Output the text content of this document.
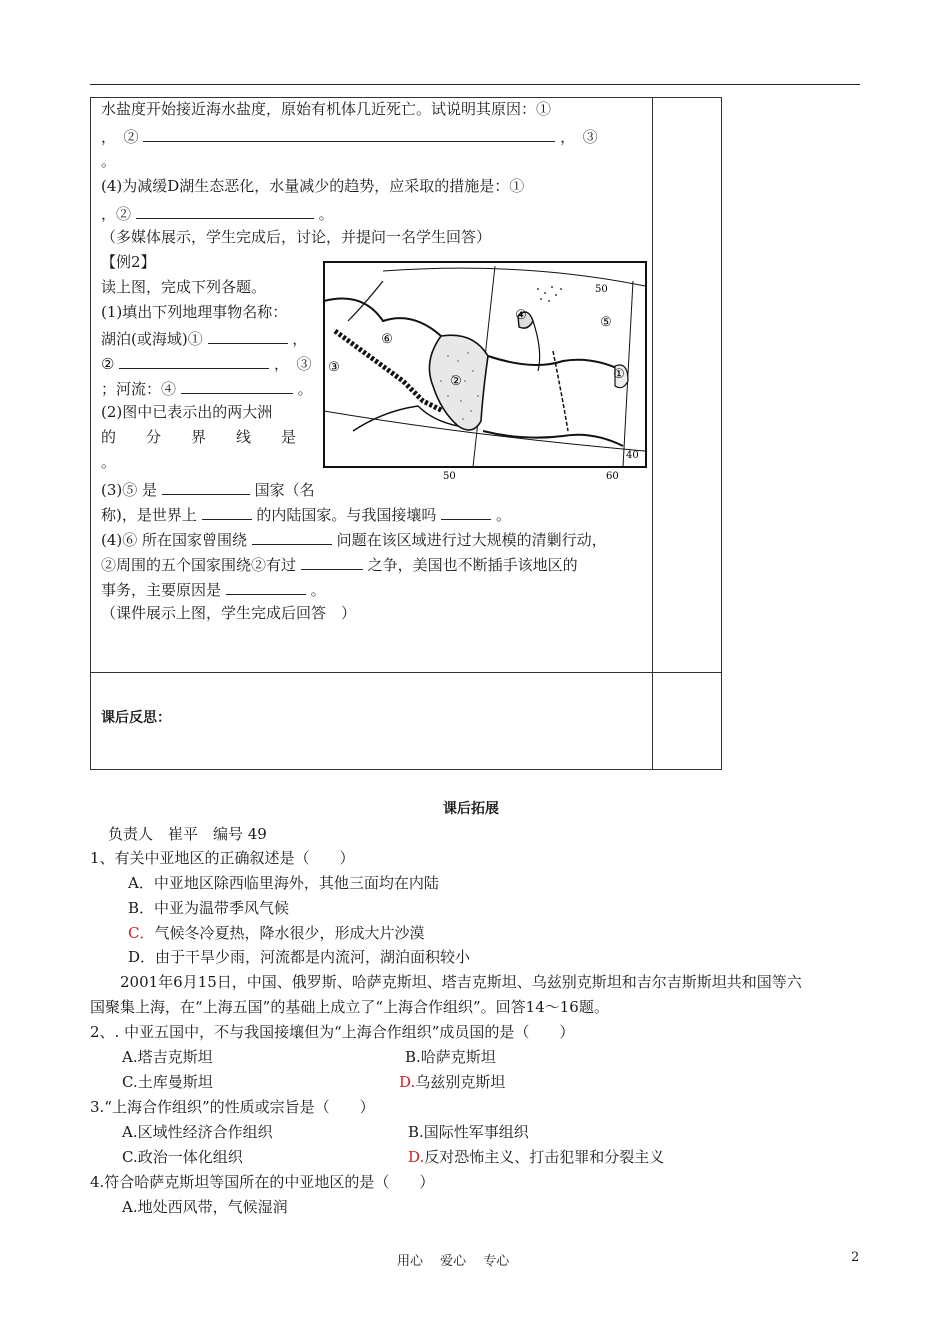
水盐度开始接近海水盐度，原始有机体几近死亡。试说明其原因：①
，　②	，　③
。
(4)为减缓D湖生态恶化，水量减少的趋势，应采取的措施是：①
，②	。
（多媒体展示，学生完成后，讨论，并提问一名学生回答）
【例2】
读上图，完成下列各题。
(1)填出下列地理事物名称：
湖泊(或海域)①	，
②	，　③
；河流：④	。
(2)图中已表示出的两大洲
的　　分　　界　　线　　是
。
(3)⑤ 是	国家（名
称)，是世界上	的内陆国家。与我国接壤吗	。
(4)⑥ 所在国家曾围绕	问题在该区域进行过大规模的清剿行动，
②周围的五个国家围绕②有过	之争，美国也不断插手该地区的
事务，主要原因是	。
（课件展示上图，学生完成后回答　）
课后反思：
①
②
③
④	⑤
⑥
50
40
50	60
课后拓展
负责人　崔平　编号 49
1、有关中亚地区的正确叙述是（　　）
A．中亚地区除西临里海外，其他三面均在内陆
B．中亚为温带季风气候
C．气候冬冷夏热，降水很少，形成大片沙漠
D．由于干旱少雨，河流都是内流河，湖泊面积较小
　　2001年6月15日，中国、俄罗斯、哈萨克斯坦、塔吉克斯坦、乌兹别克斯坦和吉尔吉斯斯坦共和国等六
国聚集上海，在“上海五国”的基础上成立了“上海合作组织”。回答14～16题。
2、. 中亚五国中，不与我国接壤但为“上海合作组织”成员国的是（　　）
A.塔吉克斯坦	B.哈萨克斯坦
C.土库曼斯坦	D.乌兹别克斯坦
3.“上海合作组织”的性质或宗旨是（　　）
A.区域性经济合作组织	B.国际性军事组织
C.政治一体化组织	D.反对恐怖主义、打击犯罪和分裂主义
4.符合哈萨克斯坦等国所在的中亚地区的是（　　）
A.地处西风带，气候湿润
用心　 爱心　 专心	2
